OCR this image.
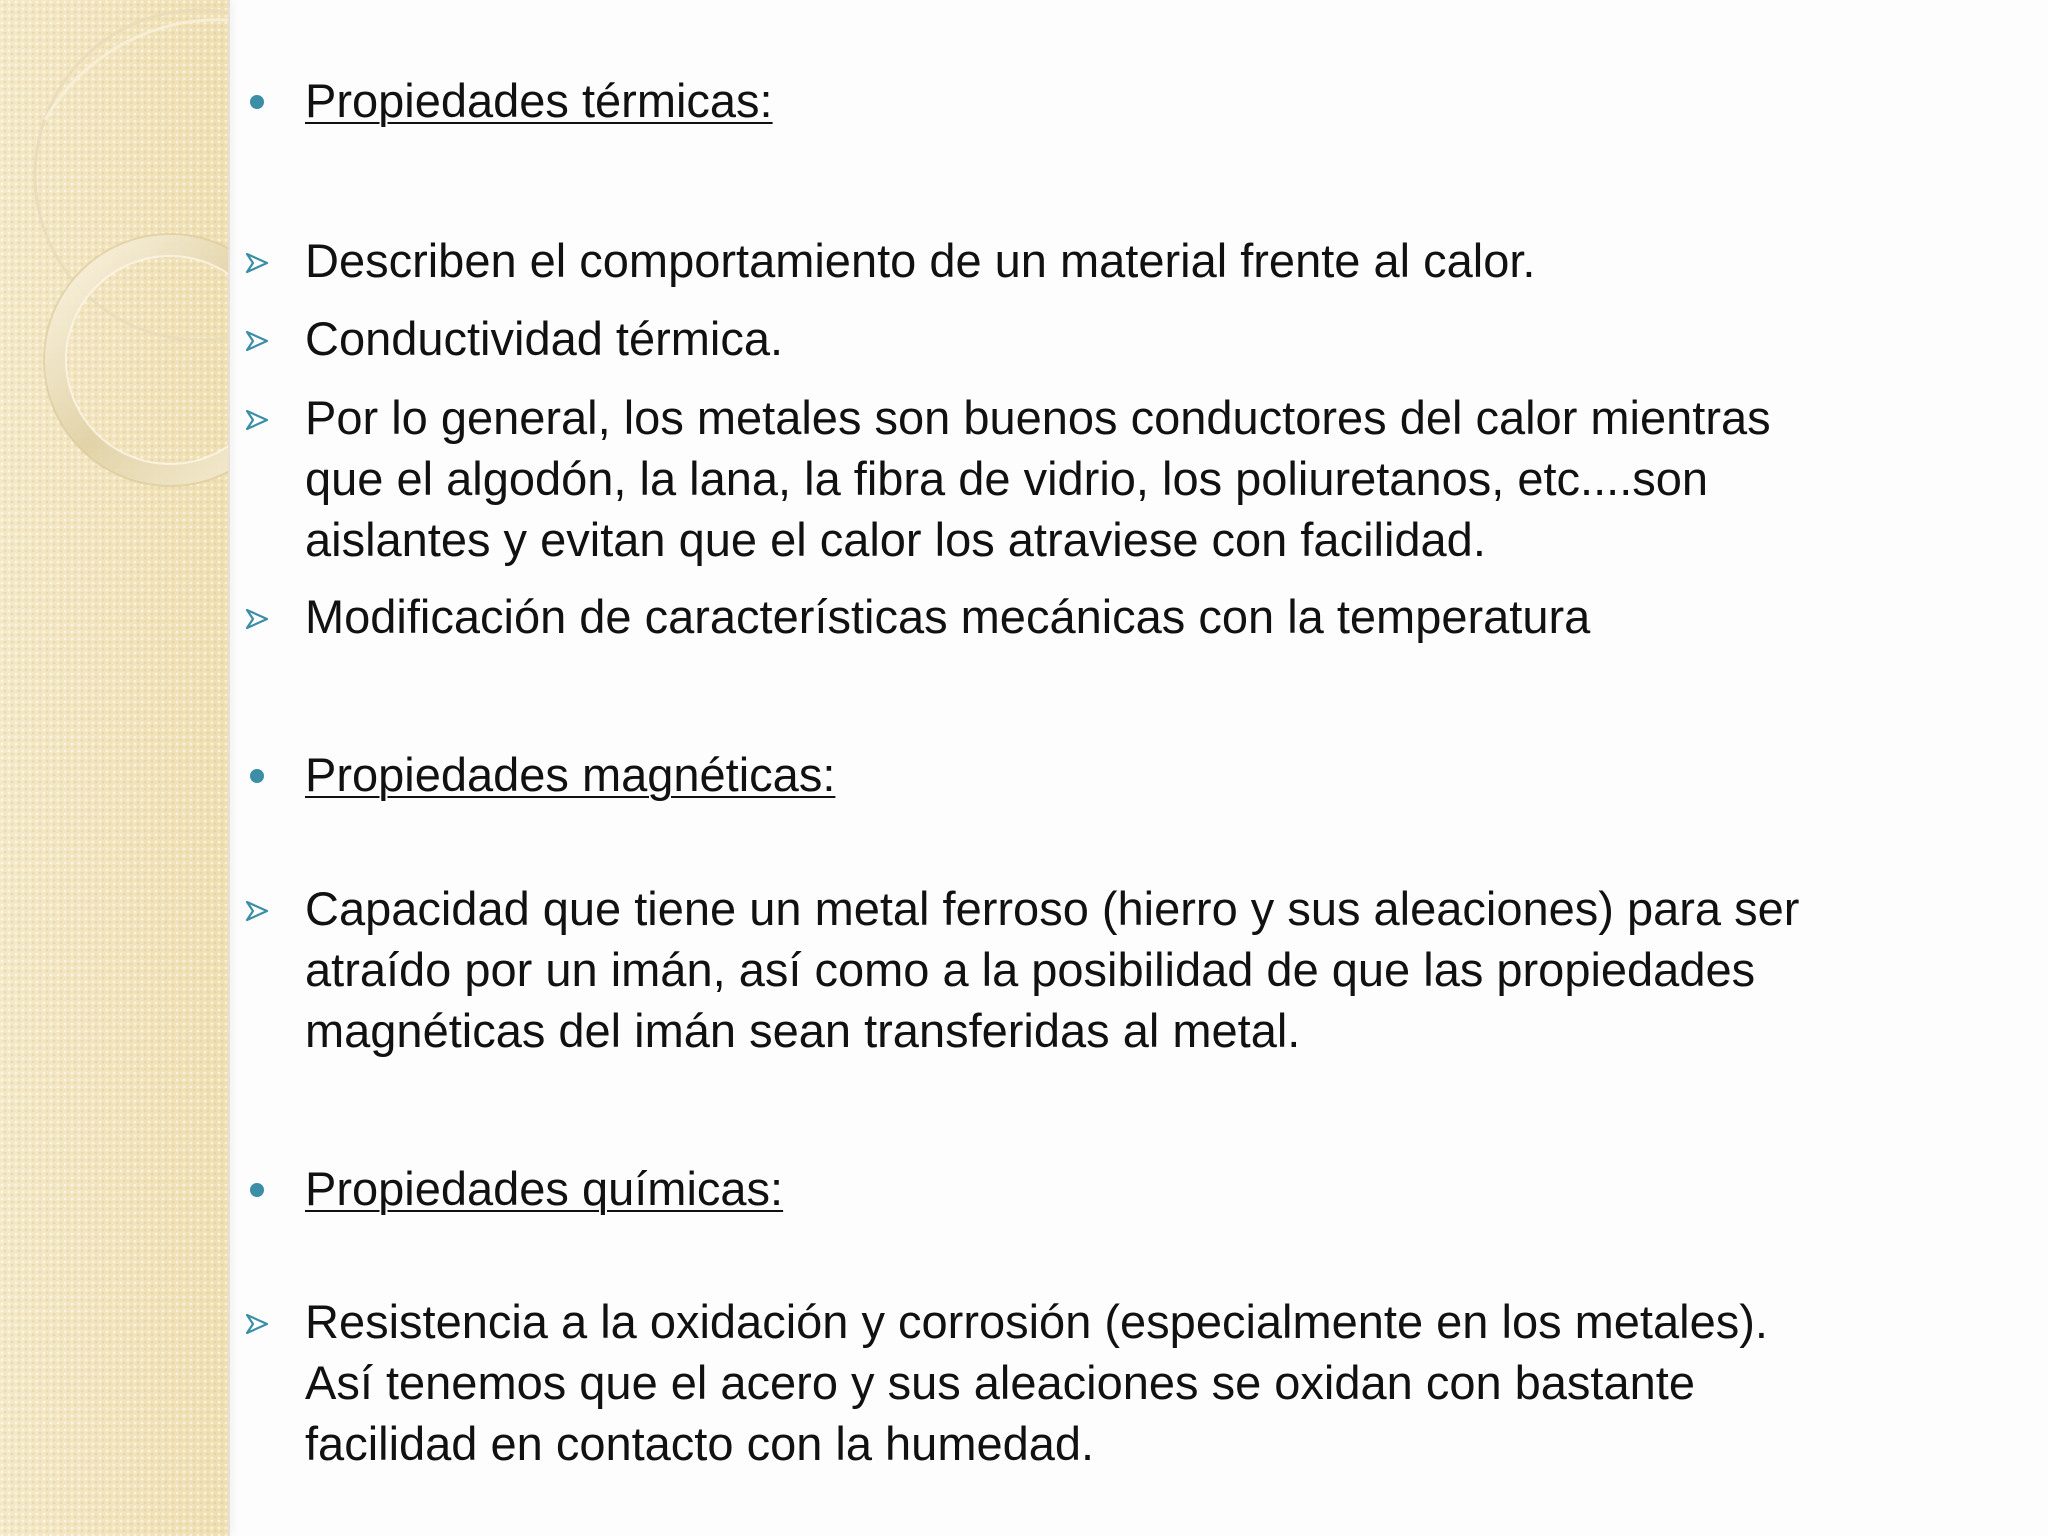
Propiedades térmicas:
Describen el comportamiento de un material frente al calor.
Conductividad térmica.
Por lo general, los metales son buenos conductores del calor mientras
que el algodón, la lana, la fibra de vidrio, los poliuretanos, etc....son
aislantes y evitan que el calor los atraviese con facilidad.
Modificación de características mecánicas con la temperatura
Propiedades magnéticas:
Capacidad que tiene un metal ferroso (hierro y sus aleaciones) para ser
atraído por un imán, así como a la posibilidad de que las propiedades
magnéticas del imán sean transferidas al metal.
Propiedades químicas:
Resistencia a la oxidación y corrosión (especialmente en los metales).
Así tenemos que el acero y sus aleaciones se oxidan con bastante
facilidad en contacto con la humedad.
